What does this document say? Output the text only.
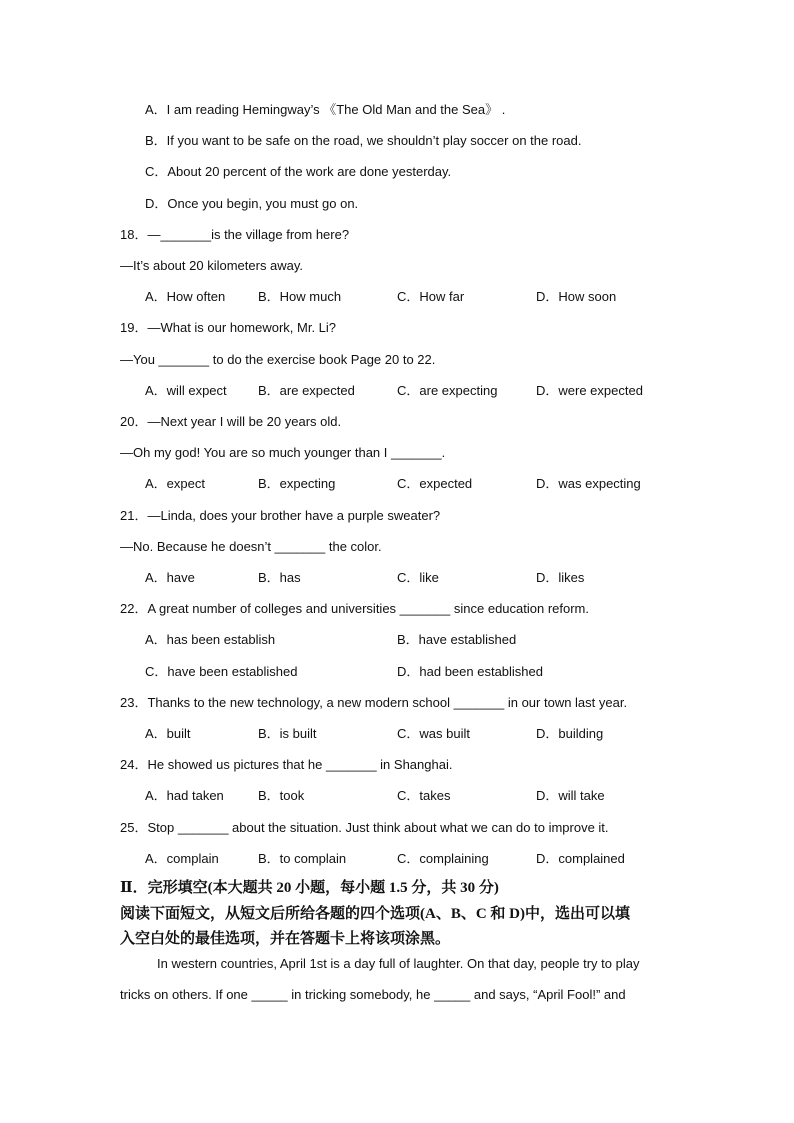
A．I am reading Hemingway’s 《The Old Man and the Sea》 .
B．If you want to be safe on the road, we shouldn’t play soccer on the road.
C．About 20 percent of the work are done yesterday.
D．Once you begin, you must go on.
18．—_______is the village from here?
—It’s about 20 kilometers away.
A．How often	B．How much	C．How far	D．How soon
19．—What is our homework, Mr. Li?
—You _______ to do the exercise book Page 20 to 22.
A．will expect B．are expected	C．are expecting	D．were expected
20．—Next year I will be 20 years old.
—Oh my god! You are so much younger than I _______.
A．expect	B．expecting	C．expected	D．was expecting
21．—Linda, does your brother have a purple sweater?
—No. Because he doesn’t _______ the color.
A．have	B．has	C．like	D．likes
22．A great number of colleges and universities _______ since education reform.
A．has been establish	B．have established
C．have been established	D．had been established
23．Thanks to the new technology, a new modern school _______ in our town last year.
A．built	B．is built	C．was built	D．building
24．He showed us pictures that he _______ in Shanghai.
A．had taken	B．took	C．takes	D．will take
25．Stop _______ about the situation. Just think about what we can do to improve it.
A．complain	B．to complain	C．complaining	D．complained
Ⅱ．完形填空(本大题共 20 小题，每小题 1.5 分，共 30 分)
阅读下面短文，从短文后所给各题的四个选项(A、B、C 和 D)中，选出可以填
入空白处的最佳选项，并在答题卡上将该项涂黑。
In western countries, April 1st is a day full of laughter. On that day, people try to play
tricks on others. If one _____ in tricking somebody, he _____ and says, “April Fool!” and
